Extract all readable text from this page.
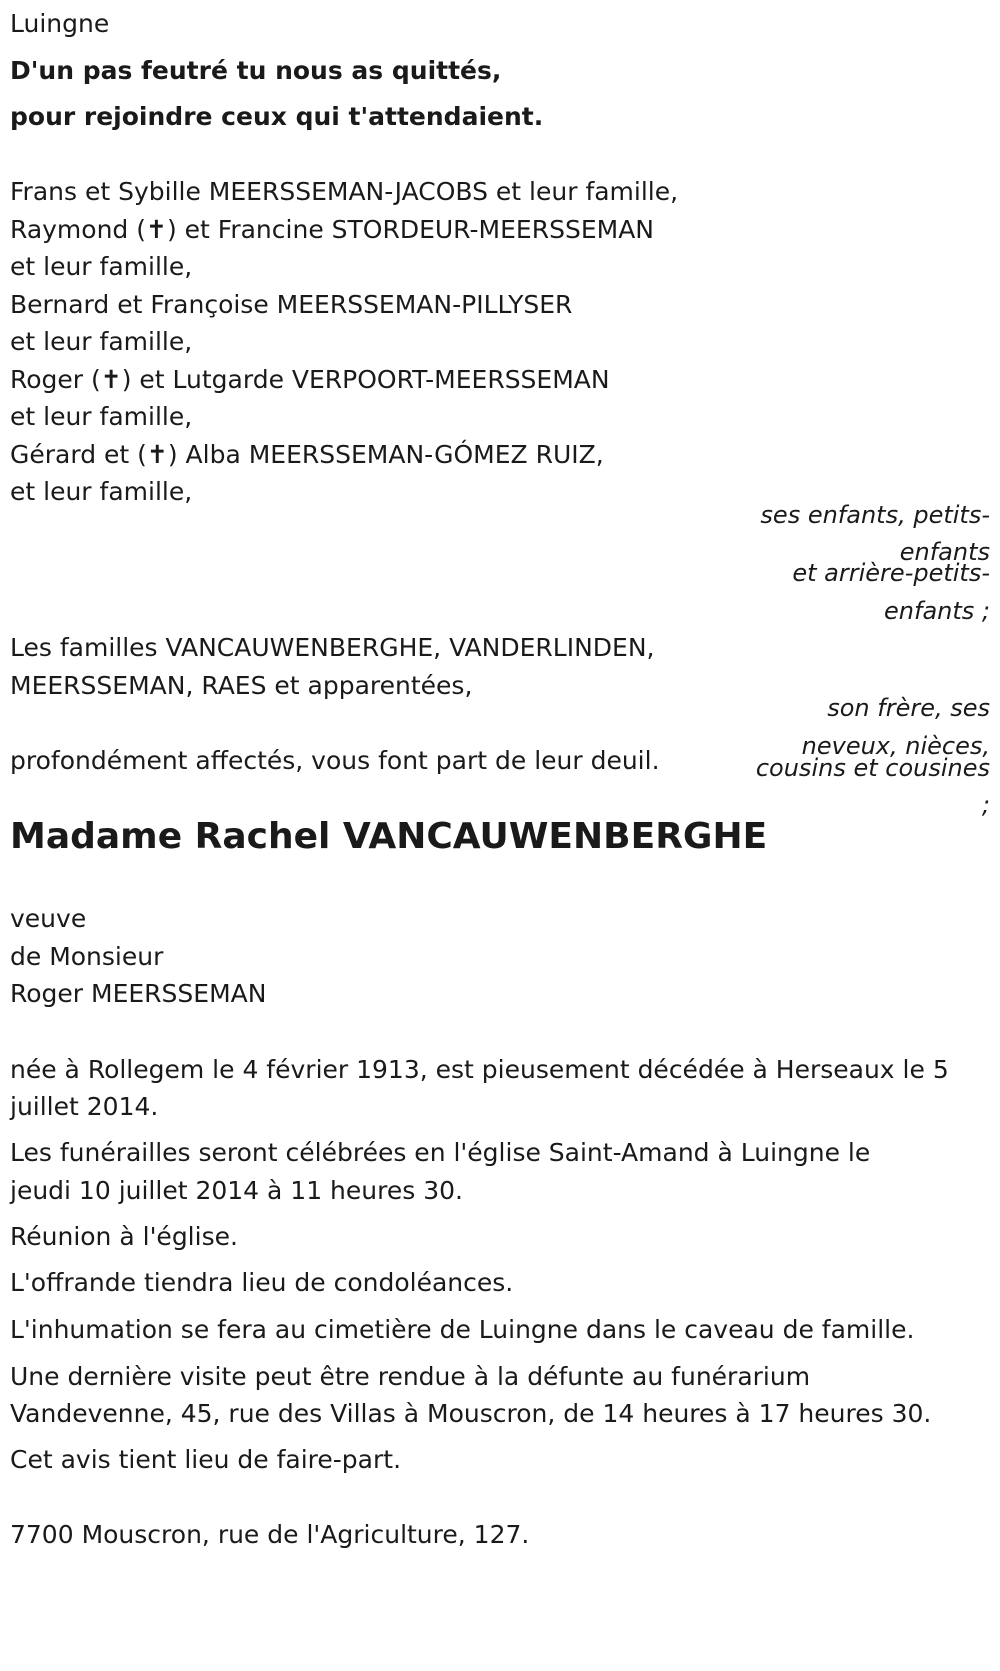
Luingne

D'un pas feutré tu nous as quittés,

pour rejoindre ceux qui t'attendaient.

Frans et Sybille MEERSSEMAN-JACOBS et leur famille,

Raymond (✝) et Francine STORDEUR-MEERSSEMAN

et leur famille,

Bernard et Françoise MEERSSEMAN-PILLYSER

et leur famille,

Roger (✝) et Lutgarde VERPOORT-MEERSSEMAN

et leur famille,

Gérard et (✝) Alba MEERSSEMAN-GÓMEZ RUIZ,

et leur famille,

ses enfants, petits-
enfants
et arrière-petits-
enfants ;

Les familles VANCAUWENBERGHE, VANDERLINDEN,

MEERSSEMAN, RAES et apparentées,

son frère, ses
neveux, nièces,
cousins et cousines
;

profondément affectés, vous font part de leur deuil.

Madame Rachel VANCAUWENBERGHE

veuve

de Monsieur

Roger MEERSSEMAN

née à Rollegem le 4 février 1913, est pieusement décédée à Herseaux le 5

juillet 2014.

Les funérailles seront célébrées en l'église Saint-Amand à Luingne le

jeudi 10 juillet 2014 à 11 heures 30.

Réunion à l'église.

L'offrande tiendra lieu de condoléances.

L'inhumation se fera au cimetière de Luingne dans le caveau de famille.

Une dernière visite peut être rendue à la défunte au funérarium

Vandevenne, 45, rue des Villas à Mouscron, de 14 heures à 17 heures 30.

Cet avis tient lieu de faire-part.

7700 Mouscron, rue de l'Agriculture, 127.
